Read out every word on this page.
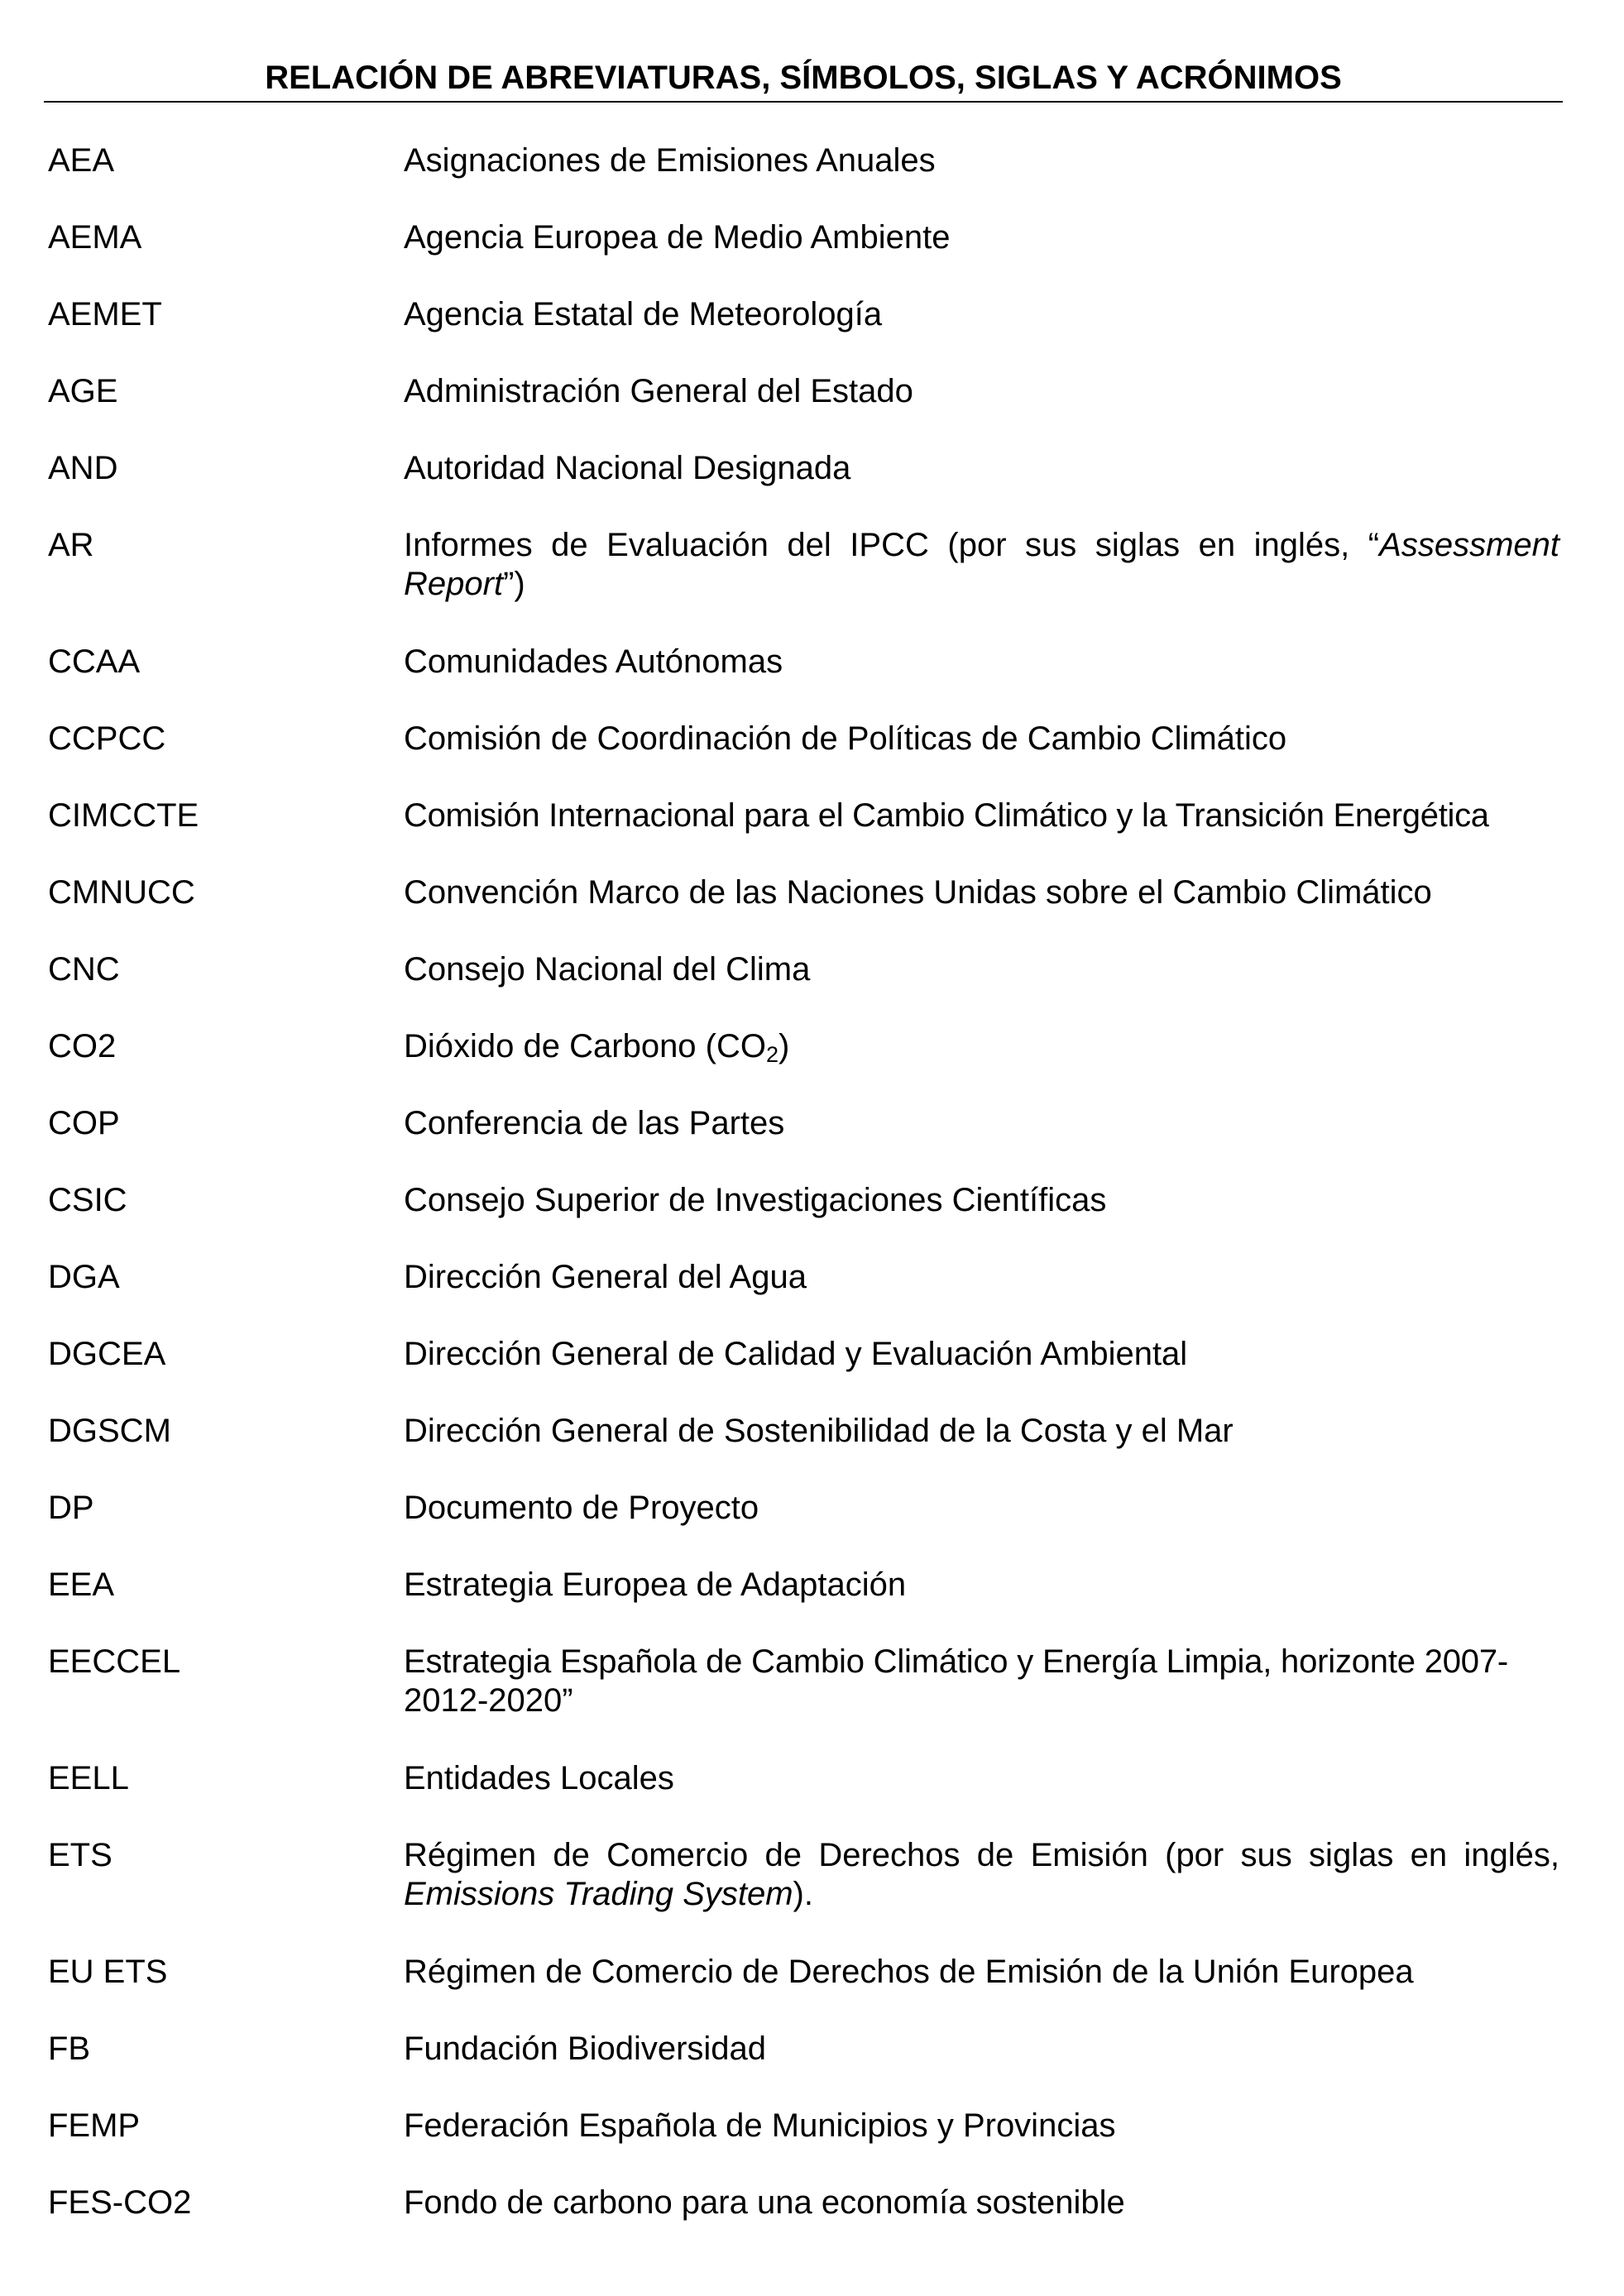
RELACIÓN DE ABREVIATURAS, SÍMBOLOS, SIGLAS Y ACRÓNIMOS
AEA	Asignaciones de Emisiones Anuales
AEMA	Agencia Europea de Medio Ambiente
AEMET	Agencia Estatal de Meteorología
AGE	Administración General del Estado
AND	Autoridad Nacional Designada
AR	Informes de Evaluación del IPCC (por sus siglas en inglés, “Assessment Report”)
CCAA	Comunidades Autónomas
CCPCC	Comisión de Coordinación de Políticas de Cambio Climático
CIMCCTE	Comisión Internacional para el Cambio Climático y la Transición Energética
CMNUCC	Convención Marco de las Naciones Unidas sobre el Cambio Climático
CNC	Consejo Nacional del Clima
CO2	Dióxido de Carbono $(CO_2)$
COP	Conferencia de las Partes
CSIC	Consejo Superior de Investigaciones Científicas
DGA	Dirección General del Agua
DGCEA	Dirección General de Calidad y Evaluación Ambiental
DGSCM	Dirección General de Sostenibilidad de la Costa y el Mar
DP	Documento de Proyecto
EEA	Estrategia Europea de Adaptación
EECCEL	Estrategia Española de Cambio Climático y Energía Limpia, horizonte 2007-
2012-2020”
EELL	Entidades Locales
ETS	Régimen de Comercio de Derechos de Emisión (por sus siglas en inglés, Emissions Trading System).
EU ETS	Régimen de Comercio de Derechos de Emisión de la Unión Europea
FB	Fundación Biodiversidad
FEMP	Federación Española de Municipios y Provincias
FES-CO2	Fondo de carbono para una economía sostenible
